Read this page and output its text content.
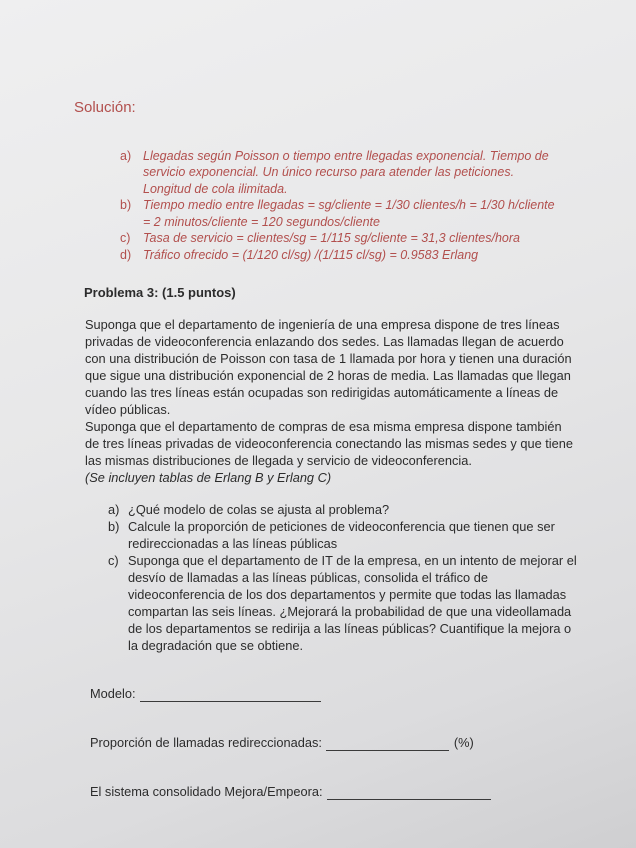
Solución:
a) Llegadas según Poisson o tiempo entre llegadas exponencial. Tiempo de
servicio exponencial. Un único recurso para atender las peticiones.
Longitud de cola ilimitada.
b) Tiempo medio entre llegadas = sg/cliente = 1/30 clientes/h = 1/30 h/cliente
= 2 minutos/cliente = 120 segundos/cliente
c)	Tasa de servicio = clientes/sg = 1/115 sg/cliente = 31,3 clientes/hora
d) Tráfico ofrecido = (1/120 cl/sg) /(1/115 cl/sg) = 0.9583 Erlang
Problema 3: (1.5 puntos)
Suponga que el departamento de ingeniería de una empresa dispone de tres líneas
privadas de videoconferencia enlazando dos sedes. Las llamadas llegan de acuerdo
con una distribución de Poisson con tasa de 1 llamada por hora y tienen una duración
que sigue una distribución exponencial de 2 horas de media. Las llamadas que llegan
cuando las tres líneas están ocupadas son redirigidas automáticamente a líneas de
vídeo públicas.
Suponga que el departamento de compras de esa misma empresa dispone también
de tres líneas privadas de videoconferencia conectando las mismas sedes y que tiene
las mismas distribuciones de llegada y servicio de videoconferencia.
(Se incluyen tablas de Erlang B y Erlang C)
a) ¿Qué modelo de colas se ajusta al problema?
b) Calcule la proporción de peticiones de videoconferencia que tienen que ser
redireccionadas a las líneas públicas
c) Suponga que el departamento de IT de la empresa, en un intento de mejorar el
desvío de llamadas a las líneas públicas, consolida el tráfico de
videoconferencia de los dos departamentos y permite que todas las llamadas
compartan las seis líneas. ¿Mejorará la probabilidad de que una videollamada
de los departamentos se redirija a las líneas públicas? Cuantifique la mejora o
la degradación que se obtiene.
Modelo:
Proporción de llamadas redireccionadas:	(%)
El sistema consolidado Mejora/Empeora:
